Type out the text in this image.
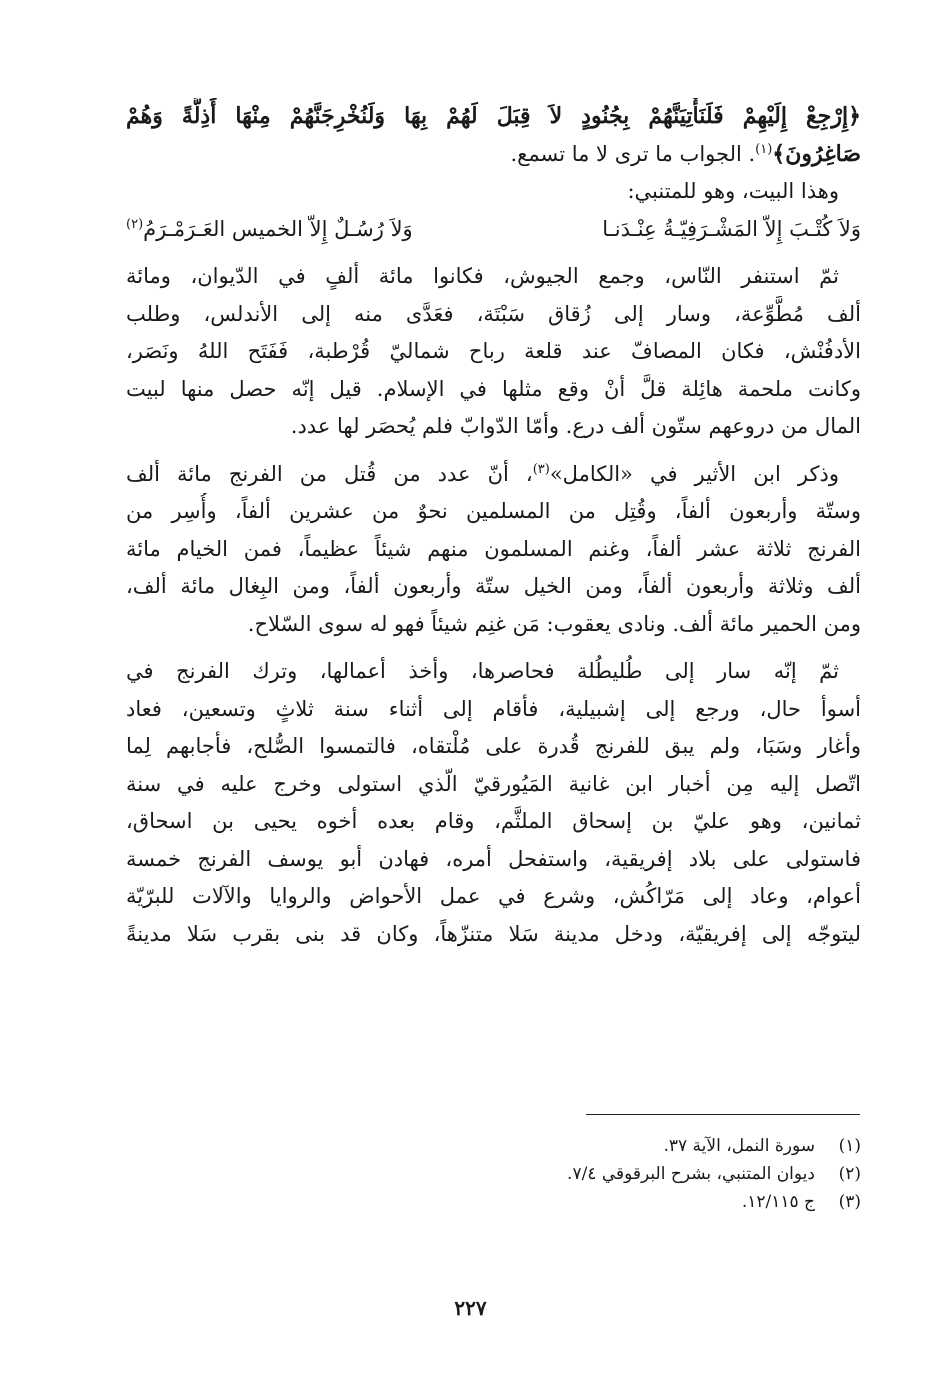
﴿إِرْجِعْ إِلَيْهِمْ فَلَنَأْتِيَنَّهُمْ بِجُنُودٍ لاَ قِبَلَ لَهُمْ بِهَا وَلَنُخْرِجَنَّهُمْ مِنْهَا أَذِلَّةً وَهُمْ
صَاغِرُونَ﴾$^{(١)}$. الجواب ما ترى لا ما تسمع.
وهذا البيت، وهو للمتنبي:
وَلاَ كُتْـبَ إِلاّ المَشْـرَفِيّـةُ عِنْـدَنـا
وَلاَ رُسُـلٌ إِلاّ الخميس العَـرَمْـرَمُ$^{(٢)}$
ثمّ استنفر النّاس، وجمع الجيوش، فكانوا مائة ألفٍ في الدّيوان، ومائة
ألف مُطَّوِّعة، وسار إلى زُقاق سَبْتَة، فعَدَّى منه إلى الأندلس، وطلب
الأدفُنْش، فكان المصافّ عند قلعة رباح شماليّ قُرْطبة، فَفَتَح اللهُ ونَصَر،
وكانت ملحمة هائِلة قلَّ أنْ وقع مثلها في الإسلام. قيل إنّه حصل منها لبيت
المال من دروعهم ستّون ألف درع. وأمّا الدّوابّ فلم يُحصَر لها عدد.
وذكر ابن الأثير في «الكامل»$^{(٣)}$، أنّ عدد من قُتل من الفرنج مائة ألف
وستّة وأربعون ألفاً، وقُتِل من المسلمين نحوٌ من عشرين ألفاً، وأُسِر من
الفرنج ثلاثة عشر ألفاً، وغنم المسلمون منهم شيئاً عظيماً، فمن الخيام مائة
ألف وثلاثة وأربعون ألفاً، ومن الخيل ستّة وأربعون ألفاً، ومن البِغال مائة ألف،
ومن الحمير مائة ألف. ونادى يعقوب: مَن غنِم شيئاً فهو له سوى السّلاح.
ثمّ إنّه سار إلى طُليطُلة فحاصرها، وأخذ أعمالها، وترك الفرنج في
أسوأ حال، ورجع إلى إشبيلية، فأقام إلى أثناء سنة ثلاثٍ وتسعين، فعاد
وأغار وسَبَا، ولم يبق للفرنج قُدرة على مُلْتقاه، فالتمسوا الصُّلح، فأجابهم لِما
اتّصل إليه مِن أخبار ابن غانية المَيُورقيّ الّذي استولى وخرج عليه في سنة
ثمانين، وهو عليّ بن إسحاق الملثَّم، وقام بعده أخوه يحيى بن اسحاق،
فاستولى على بلاد إفريقية، واستفحل أمره، فهادن أبو يوسف الفرنج خمسة
أعوام، وعاد إلى مَرّاكُش، وشرع في عمل الأحواض والروايا والآلات للبرّيّة
ليتوجّه إلى إفريقيّة، ودخل مدينة سَلا متنزّهاً، وكان قد بنى بقرب سَلا مدينةً
(١)
سورة النمل، الآية ٣٧.
(٢)
ديوان المتنبي، بشرح البرقوقي ٧/٤.
(٣)
ج ١٢/١١٥.
٢٢٧
